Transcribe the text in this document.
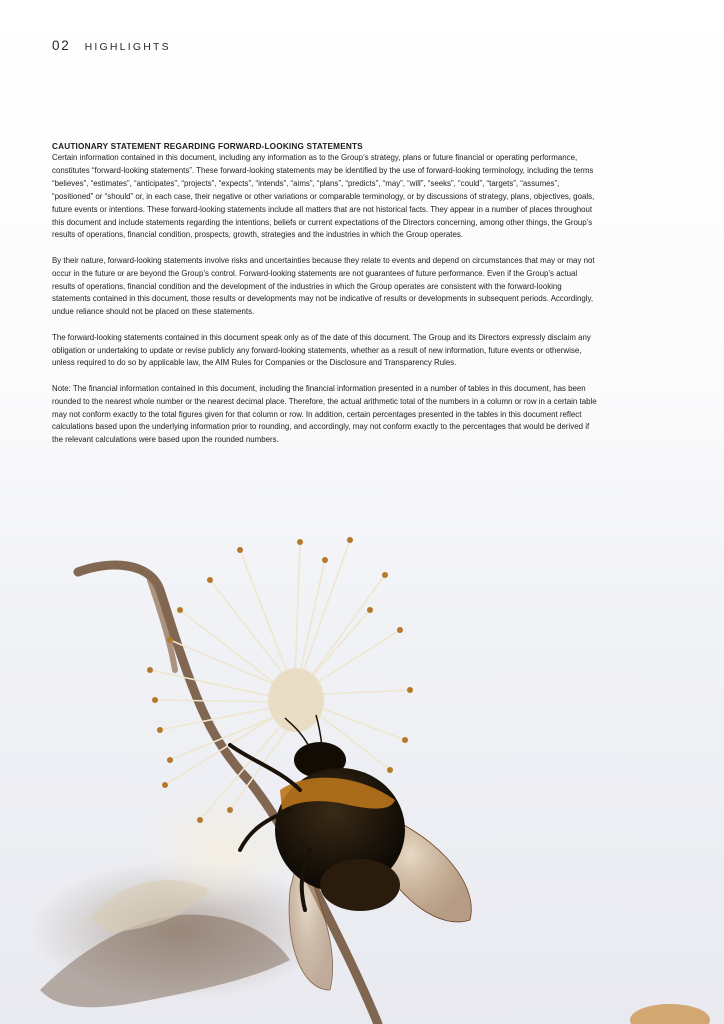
02 HIGHLIGHTS
CAUTIONARY STATEMENT REGARDING FORWARD-LOOKING STATEMENTS

Certain information contained in this document, including any information as to the Group’s strategy, plans or future financial or operating performance, constitutes “forward-looking statements”. These forward-looking statements may be identified by the use of forward-looking terminology, including the terms “believes”, “estimates”, “anticipates”, “projects”, “expects”, “intends”, “aims”, “plans”, “predicts”, “may”, “will”, “seeks”, “could”, “targets”, “assumes”, “positioned” or “should” or, in each case, their negative or other variations or comparable terminology, or by discussions of strategy, plans, objectives, goals, future events or intentions. These forward-looking statements include all matters that are not historical facts. They appear in a number of places throughout this document and include statements regarding the intentions, beliefs or current expectations of the Directors concerning, among other things, the Group’s results of operations, financial condition, prospects, growth, strategies and the industries in which the Group operates.

By their nature, forward-looking statements involve risks and uncertainties because they relate to events and depend on circumstances that may or may not occur in the future or are beyond the Group’s control. Forward-looking statements are not guarantees of future performance. Even if the Group’s actual results of operations, financial condition and the development of the industries in which the Group operates are consistent with the forward-looking statements contained in this document, those results or developments may not be indicative of results or developments in subsequent periods. Accordingly, undue reliance should not be placed on these statements.

The forward-looking statements contained in this document speak only as of the date of this document. The Group and its Directors expressly disclaim any obligation or undertaking to update or revise publicly any forward-looking statements, whether as a result of new information, future events or otherwise, unless required to do so by applicable law, the AIM Rules for Companies or the Disclosure and Transparency Rules.

Note: The financial information contained in this document, including the financial information presented in a number of tables in this document, has been rounded to the nearest whole number or the nearest decimal place. Therefore, the actual arithmetic total of the numbers in a column or row in a certain table may not conform exactly to the total figures given for that column or row. In addition, certain percentages presented in the tables in this document reflect calculations based upon the underlying information prior to rounding, and accordingly, may not conform exactly to the percentages that would be derived if the relevant calculations were based upon the rounded numbers.
